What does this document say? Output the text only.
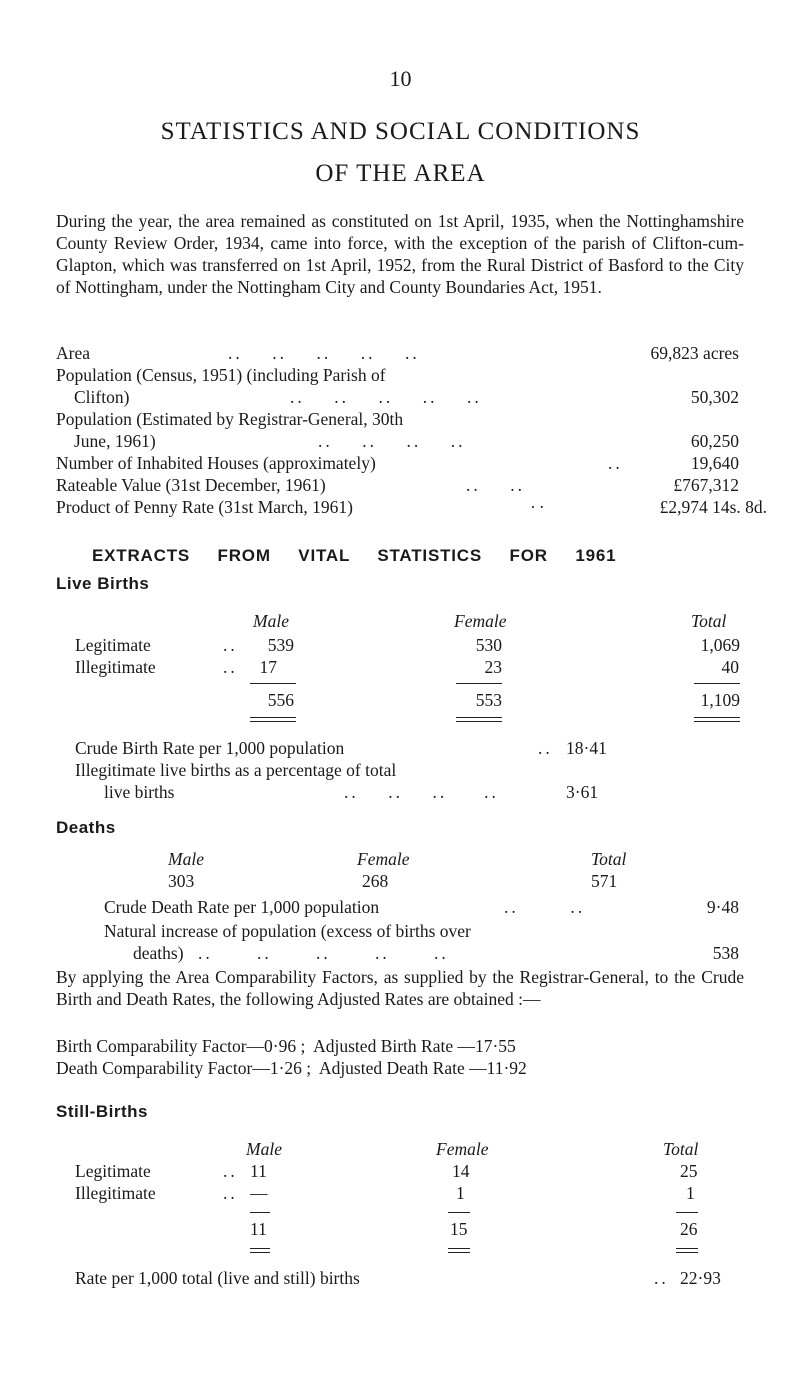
10
STATISTICS AND SOCIAL CONDITIONS
OF THE AREA
During the year, the area remained as constituted on 1st April, 1935, when the Nottinghamshire County Review Order, 1934, came into force, with the exception of the parish of Clifton-cum-Glapton, which was transferred on 1st April, 1952, from the Rural District of Basford to the City of Nottingham, under the Nottingham City and County Boundaries Act, 1951.
Area	..    ..    ..    ..    ..	69,823 acres
Population (Census, 1951) (including Parish of
Clifton)	..    ..    ..    ..    ..	50,302
Population (Estimated by Registrar-General, 30th
June, 1961)	..    ..    ..    ..	60,250
Number of Inhabited Houses (approximately)	..	19,640
Rateable Value (31st December, 1961)	..    ..	£767,312
Product of Penny Rate (31st March, 1961)	··	£2,974 14s. 8d.
EXTRACTS FROM VITAL STATISTICS FOR 1961
Live Births
Male	Female	Total
Legitimate	..	539	530	1,069
Illegitimate	..	17	23	40
556	553	1,109
Crude Birth Rate per 1,000 population	.. 18·41
Illegitimate live births as a percentage of total
live births	..    ..    ..     ..	3·61
Deaths
Male	Female	Total
303	268	571
Crude Death Rate per 1,000 population	..       ..	9·48
Natural increase of population (excess of births over
deaths) ..      ..      ..      ..      ..	538
By applying the Area Comparability Factors, as supplied by the Registrar-General, to the Crude Birth and Death Rates, the following Adjusted Rates are obtained :—
Birth Comparability Factor—0·96 ;  Adjusted Birth Rate —17·55
Death Comparability Factor—1·26 ;  Adjusted Death Rate —11·92
Still-Births
Male	Female	Total
Legitimate	.. 11	14	25
Illegitimate	.. —	1	1
11	15	26
Rate per 1,000 total (live and still) births	.. 22·93
